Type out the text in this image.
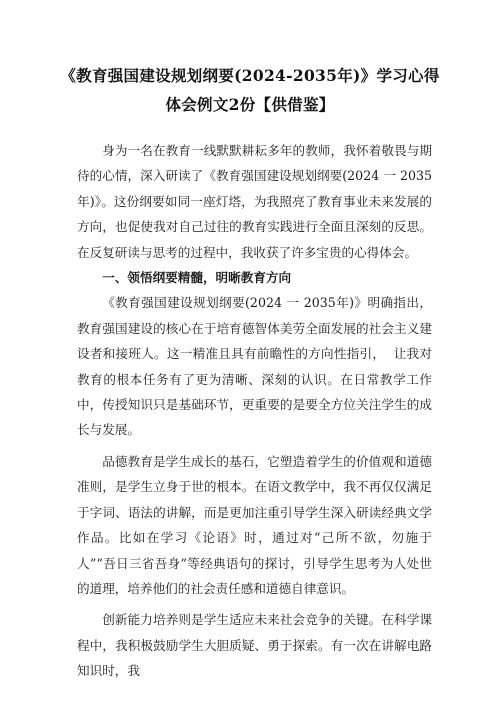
《教育强国建设规划纲要(2024-2035年)》学习心得
体会例文2份【供借鉴】

身为一名在教育一线默默耕耘多年的教师，我怀着敬畏与期待的心情，深入研读了《教育强国建设规划纲要(2024 一 2035年)》。这份纲要如同一座灯塔，为我照亮了教育事业未来发展的方向，也促使我对自己过往的教育实践进行全面且深刻的反思。在反复研读与思考的过程中，我收获了许多宝贵的心得体会。

一、领悟纲要精髓，明晰教育方向

《教育强国建设规划纲要(2024 一 2035年)》明确指出，  教育强国建设的核心在于培育德智体美劳全面发展的社会主义建设者和接班人。这一精准且具有前瞻性的方向性指引，  让我对教育的根本任务有了更为清晰、深刻的认识。在日常教学工作中，传授知识只是基础环节，更重要的是要全方位关注学生的成长与发展。

品德教育是学生成长的基石，它塑造着学生的价值观和道德准则，是学生立身于世的根本。在语文教学中，我不再仅仅满足于字词、语法的讲解，而是更加注重引导学生深入研读经典文学作品。比如在学习《论语》时，通过对“己所不欲，勿施于人”“吾日三省吾身”等经典语句的探讨，引导学生思考为人处世的道理，培养他们的社会责任感和道德自律意识。

创新能力培养则是学生适应未来社会竞争的关键。在科学课程中，我积极鼓励学生大胆质疑、勇于探索。有一次在讲解电路知识时，我
